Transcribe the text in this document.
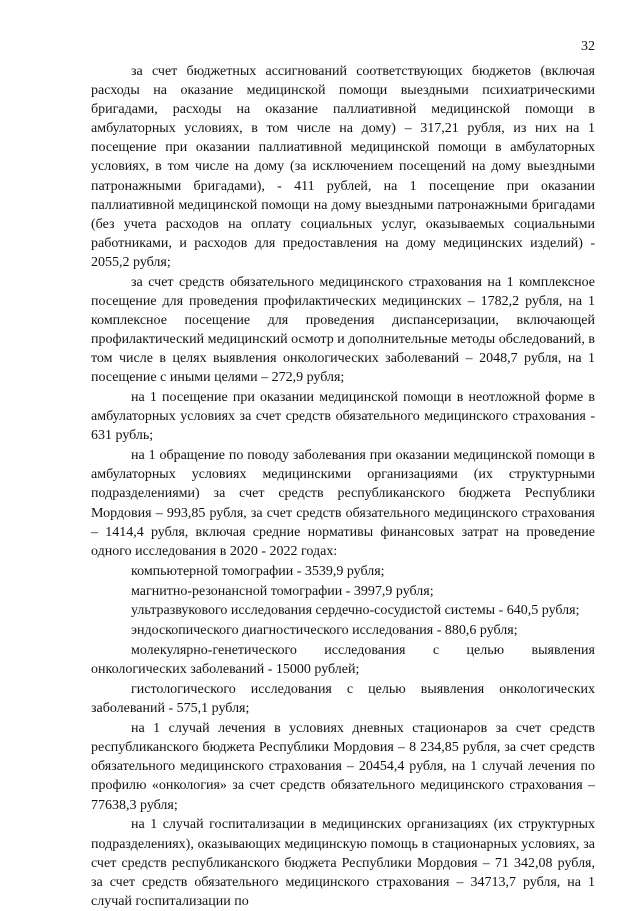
32

за счет бюджетных ассигнований соответствующих бюджетов (включая расходы на оказание медицинской помощи выездными психиатрическими бригадами, расходы на оказание паллиативной медицинской помощи в амбулаторных условиях, в том числе на дому) – 317,21 рубля, из них на 1 посещение при оказании паллиативной медицинской помощи в амбулаторных условиях, в том числе на дому (за исключением посещений на дому выездными патронажными бригадами), - 411 рублей, на 1 посещение при оказании паллиативной медицинской помощи на дому выездными патронажными бригадами (без учета расходов на оплату социальных услуг, оказываемых социальными работниками, и расходов для предоставления на дому медицинских изделий) - 2055,2 рубля;

за счет средств обязательного медицинского страхования на 1 комплексное посещение для проведения профилактических медицинских – 1782,2 рубля, на 1 комплексное посещение для проведения диспансеризации, включающей профилактический медицинский осмотр и дополнительные методы обследований, в том числе в целях выявления онкологических заболеваний – 2048,7 рубля, на 1 посещение с иными целями – 272,9 рубля;

на 1 посещение при оказании медицинской помощи в неотложной форме в амбулаторных условиях за счет средств обязательного медицинского страхования - 631 рубль;

на 1 обращение по поводу заболевания при оказании медицинской помощи в амбулаторных условиях медицинскими организациями (их структурными подразделениями) за счет средств республиканского бюджета Республики Мордовия – 993,85 рубля, за счет средств обязательного медицинского страхования – 1414,4 рубля, включая средние нормативы финансовых затрат на проведение одного исследования в 2020 - 2022 годах:

компьютерной томографии - 3539,9 рубля;

магнитно-резонансной томографии - 3997,9 рубля;

ультразвукового исследования сердечно-сосудистой системы - 640,5 рубля;

эндоскопического диагностического исследования - 880,6 рубля;

молекулярно-генетического исследования с целью выявления онкологических заболеваний - 15000 рублей;

гистологического исследования с целью выявления онкологических заболеваний - 575,1 рубля;

на 1 случай лечения в условиях дневных стационаров за счет средств республиканского бюджета Республики Мордовия – 8 234,85 рубля, за счет средств обязательного медицинского страхования – 20454,4 рубля, на 1 случай лечения по профилю «онкология» за счет средств обязательного медицинского страхования – 77638,3 рубля;

на 1 случай госпитализации в медицинских организациях (их структурных подразделениях), оказывающих медицинскую помощь в стационарных условиях, за счет средств республиканского бюджета Республики Мордовия – 71 342,08 рубля, за счет средств обязательного медицинского страхования – 34713,7 рубля, на 1 случай госпитализации по
